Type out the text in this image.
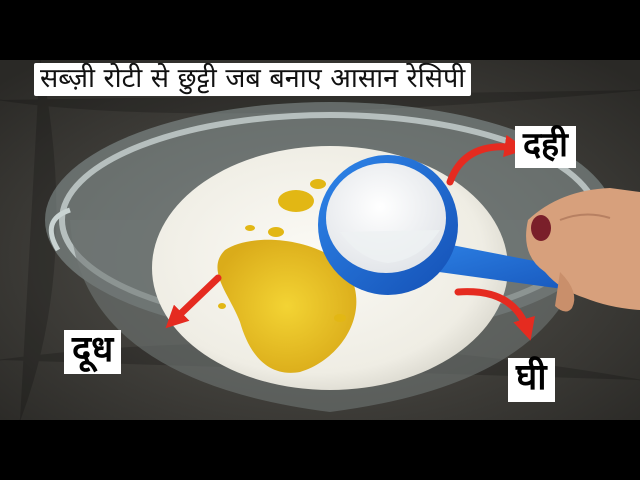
सब्ज़ी रोटी से छुट्टी जब बनाए आसान रेसिपी
दही
दूध
घी
